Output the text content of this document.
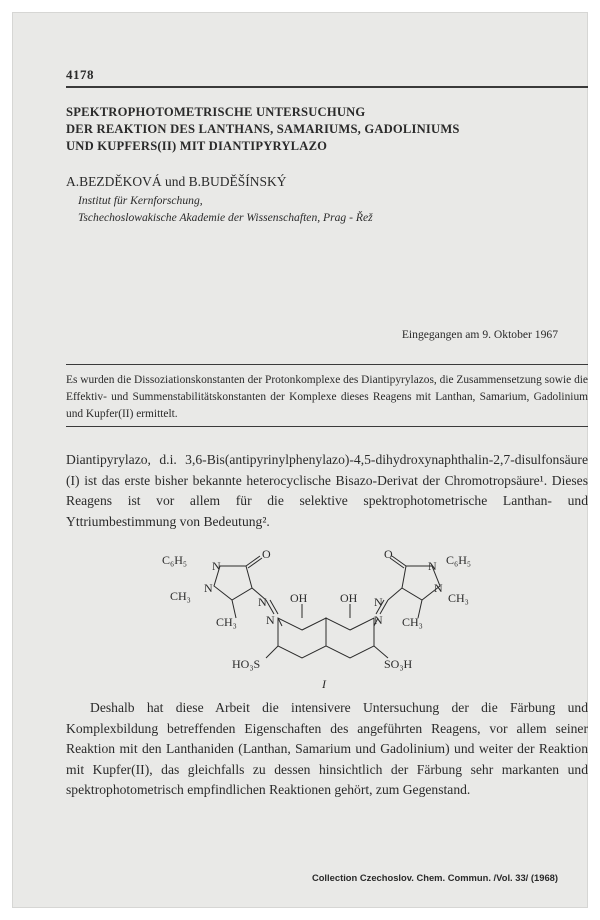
4178
SPEKTROPHOTOMETRISCHE UNTERSUCHUNG
DER REAKTION DES LANTHANS, SAMARIUMS, GADOLINIUMS
UND KUPFERS(II) MIT DIANTIPYRYLAZO
A.BEZDĚKOVÁ und B.BUDĚŠÍNSKÝ
Institut für Kernforschung,
Tschechoslowakische Akademie der Wissenschaften, Prag - Řež
Eingegangen am 9. Oktober 1967
Es wurden die Dissoziationskonstanten der Protonkomplexe des Diantipyrylazos, die Zusammensetzung sowie die Effektiv- und Summenstabilitätskonstanten der Komplexe dieses Reagens mit Lanthan, Samarium, Gadolinium und Kupfer(II) ermittelt.
Diantipyrylazo, d.i. 3,6-Bis(antipyrinylphenylazo)-4,5-dihydroxynaphthalin-2,7-disulfonsäure (I) ist das erste bisher bekannte heterocyclische Bisazo-Derivat der Chromotropsäure¹. Dieses Reagens ist vor allem für die selektive spektrophotometrische Lanthan- und Yttriumbestimmung von Bedeutung².
C₆H₅ N
O
N
CH₃
CH₃
N
N
OH	OH N
N
O
N C₆H₅
N
CH₃
CH₃
HO₃S	SO₃H
I
Deshalb hat diese Arbeit die intensivere Untersuchung der die Färbung und Komplexbildung betreffenden Eigenschaften des angeführten Reagens, vor allem seiner Reaktion mit den Lanthaniden (Lanthan, Samarium und Gadolinium) und weiter der Reaktion mit Kupfer(II), das gleichfalls zu dessen hinsichtlich der Färbung sehr markanten und spektrophotometrisch empfindlichen Reaktionen gehört, zum Gegenstand.
Collection Czechoslov. Chem. Commun. /Vol. 33/ (1968)
